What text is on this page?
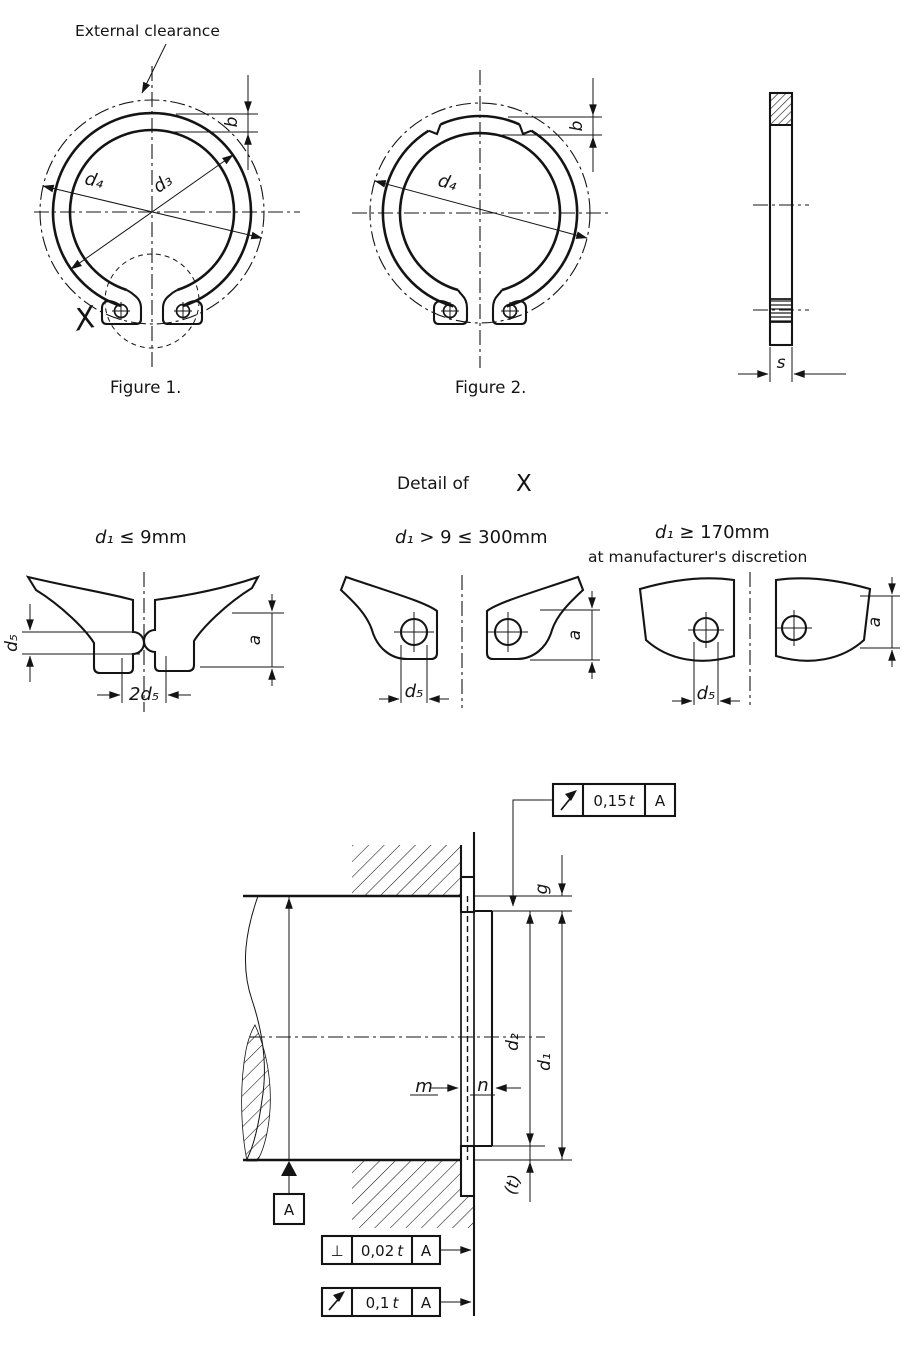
X
External clearance
d₄ d₃
b
Figure 1.
d₄
b
Figure 2.
s
Detail of X
d₁ ≤ 9mm
d₅
2d₅
a
d₁ > 9 ≤ 300mm
d₅
a
d₁ ≥ 170mm
at manufacturer's discretion
d₅
a
g
d₁
d₂
(t)
m n
A
0,15 t A
⊥ 0,02 t A
0,1 t A
